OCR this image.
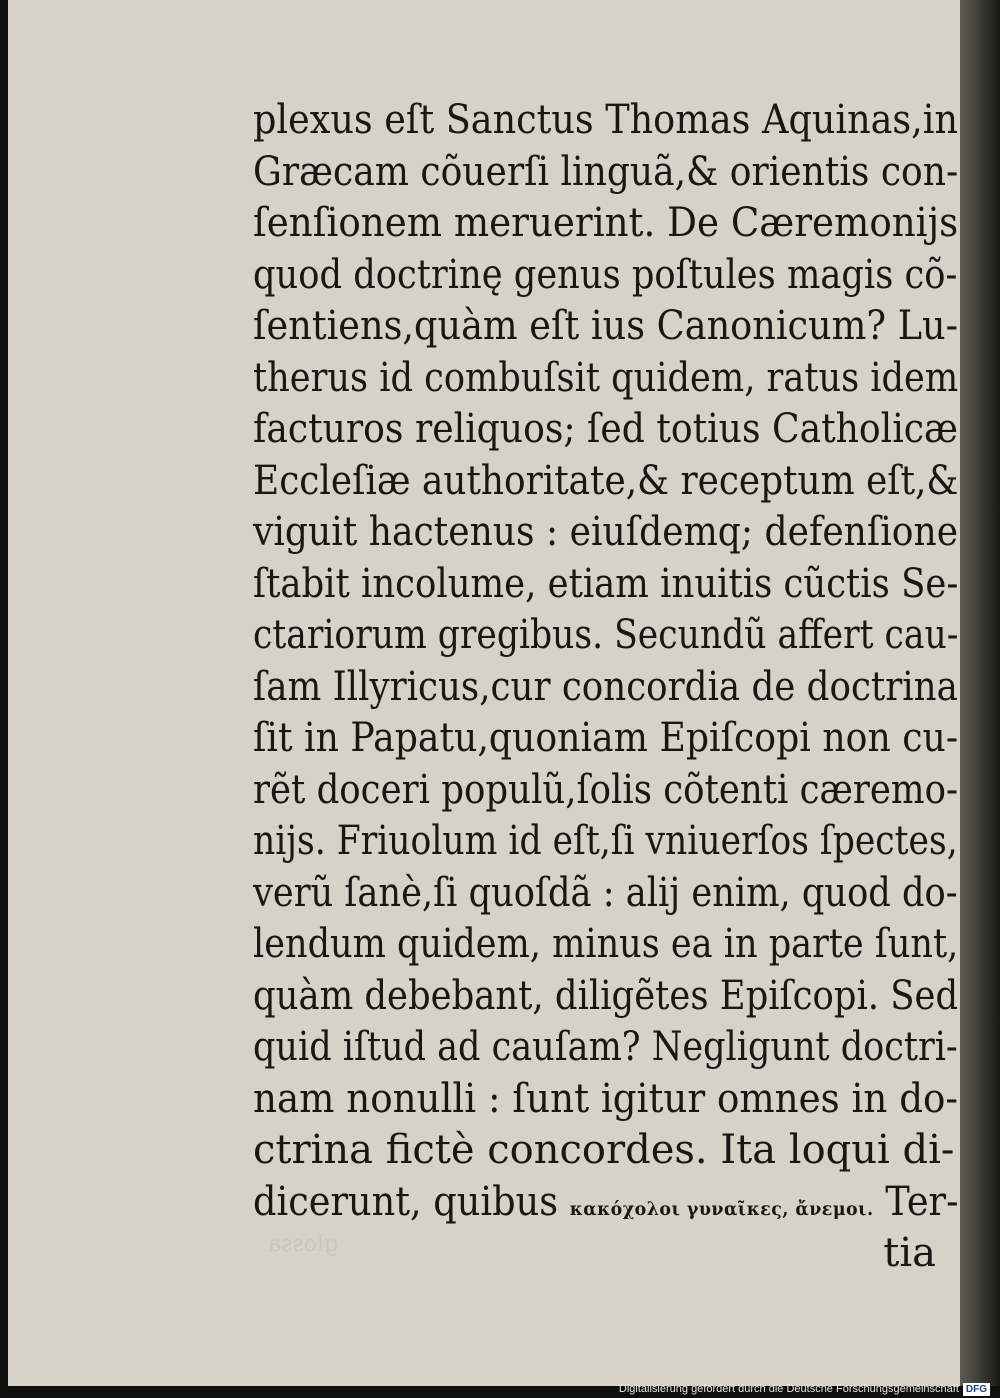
plexus eſt Sanctus Thomas Aquinas,in
Græcam cõuerſi linguã,& orientis con-
ſenſionem meruerint. De Cæremonijs
quod doctrinę genus poſtules magis cõ-
ſentiens,quàm eſt ius Canonicum? Lu-
therus id combuſsit quidem, ratus idem
facturos reliquos; ſed totius Catholicæ
Eccleſiæ authoritate,& receptum eſt,&
viguit hactenus : eiuſdemq; defenſione
ſtabit incolume, etiam inuitis cũctis Se-
ctariorum gregibus. Secundũ affert cau-
ſam Illyricus,cur concordia de doctrina
ſit in Papatu,quoniam Epiſcopi non cu-
rẽt doceri populũ,ſolis cõtenti cæremo-
nijs. Friuolum id eſt,ſi vniuerſos ſpectes,
verũ ſanè,ſi quoſdã : alij enim, quod do-
lendum quidem, minus ea in parte ſunt,
quàm debebant, diligẽtes Epiſcopi. Sed
quid iſtud ad cauſam? Negligunt doctri-
nam nonulli : ſunt igitur omnes in do-
ctrina fictè concordes. Ita loqui di-
dicerunt, quibus κακόχολοι γυναῖκες, ἄνεμοι. Ter-
tia
glossa
Digitalisierung gefördert durch die Deutsche Forschungsgemeinschaft DFG
